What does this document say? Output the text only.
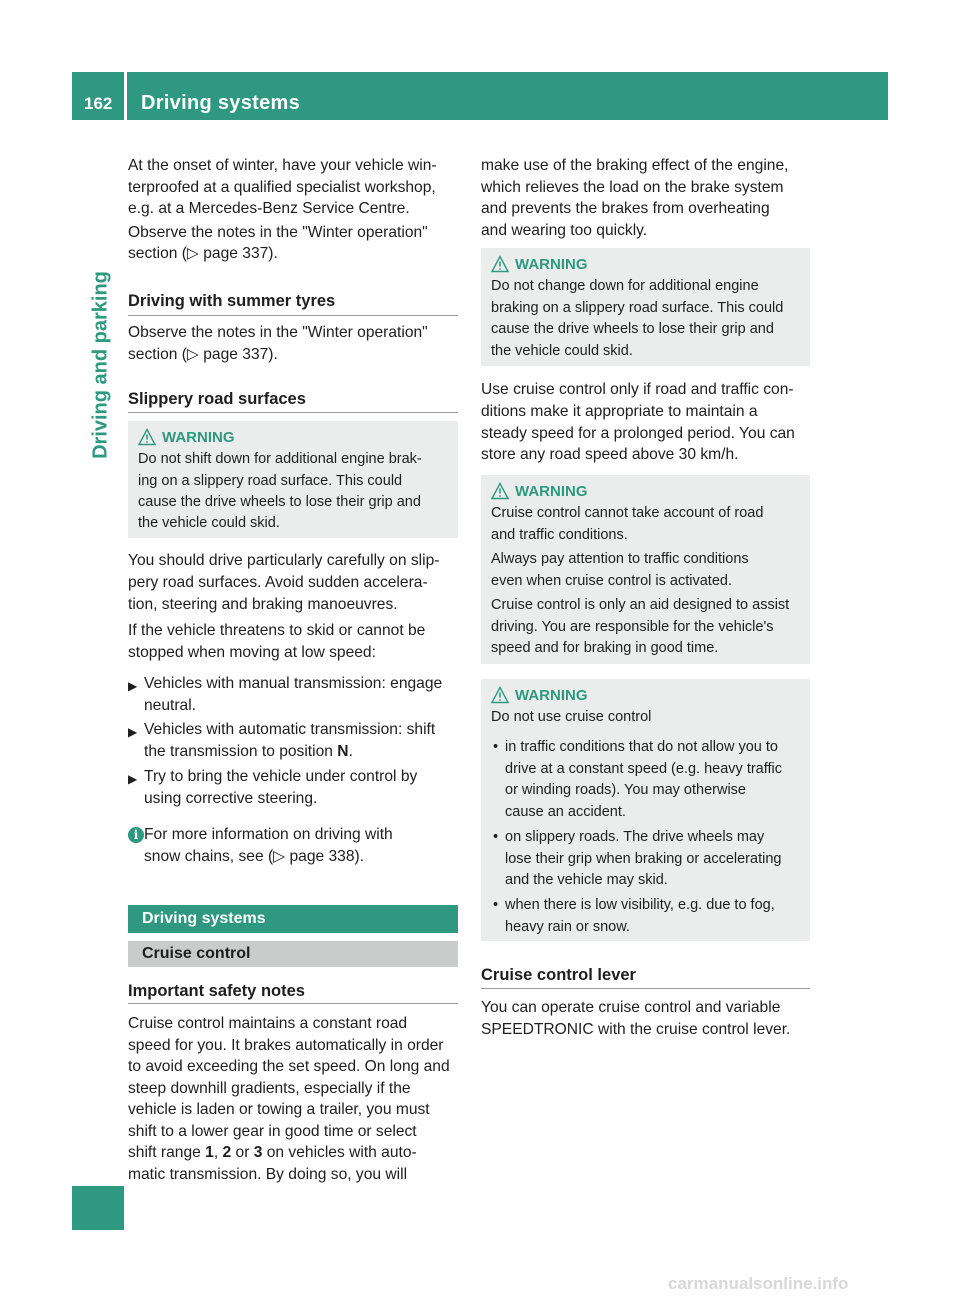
162 Driving systems
Driving and parking

At the onset of winter, have your vehicle win-

terproofed at a qualified specialist workshop,

e.g. at a Mercedes-Benz Service Centre.

Observe the notes in the "Winter operation"

section (▷ page 337).

Driving with summer tyres

Observe the notes in the "Winter operation"

section (▷ page 337).

Slippery road surfaces
WARNING

Do not shift down for additional engine brak-

ing on a slippery road surface. This could

cause the drive wheels to lose their grip and

the vehicle could skid.

You should drive particularly carefully on slip-

pery road surfaces. Avoid sudden accelera-

tion, steering and braking manoeuvres.

If the vehicle threatens to skid or cannot be

stopped when moving at low speed:

▶ Vehicles with manual transmission: engage
neutral.
▶ Vehicles with automatic transmission: shift
the transmission to position N.
▶ Try to bring the vehicle under control by
using corrective steering.
i For more information on driving with

snow chains, see (▷ page 338).

Driving systems
Cruise control
Important safety notes

Cruise control maintains a constant road

speed for you. It brakes automatically in order

to avoid exceeding the set speed. On long and

steep downhill gradients, especially if the

vehicle is laden or towing a trailer, you must

shift to a lower gear in good time or select

shift range 1, 2 or 3 on vehicles with auto-

matic transmission. By doing so, you will

make use of the braking effect of the engine,

which relieves the load on the brake system

and prevents the brakes from overheating

and wearing too quickly.

WARNING

Do not change down for additional engine

braking on a slippery road surface. This could

cause the drive wheels to lose their grip and

the vehicle could skid.

Use cruise control only if road and traffic con-

ditions make it appropriate to maintain a

steady speed for a prolonged period. You can

store any road speed above 30 km/h.

WARNING

Cruise control cannot take account of road

and traffic conditions.

Always pay attention to traffic conditions

even when cruise control is activated.

Cruise control is only an aid designed to assist

driving. You are responsible for the vehicle's

speed and for braking in good time.

WARNING

Do not use cruise control

• in traffic conditions that do not allow you to
drive at a constant speed (e.g. heavy traffic
or winding roads). You may otherwise
cause an accident.
• on slippery roads. The drive wheels may
lose their grip when braking or accelerating
and the vehicle may skid.
• when there is low visibility, e.g. due to fog,
heavy rain or snow.
Cruise control lever

You can operate cruise control and variable

SPEEDTRONIC with the cruise control lever.

carmanualsonline.info
